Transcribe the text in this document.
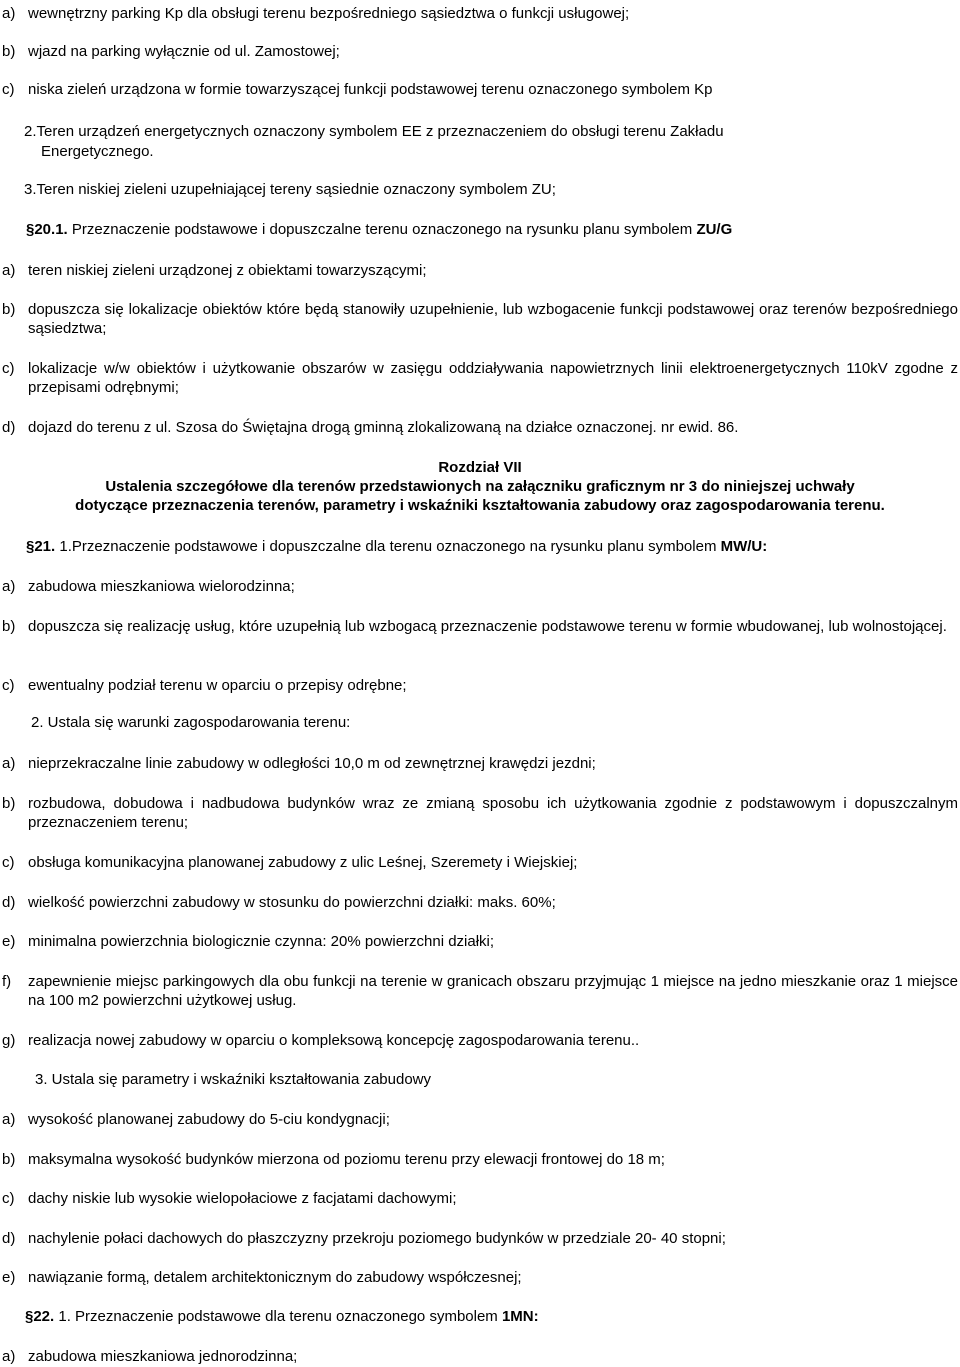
a) wewnętrzny parking Kp dla obsługi terenu bezpośredniego sąsiedztwa o funkcji usługowej;
b) wjazd na parking wyłącznie od ul. Zamostowej;
c) niska zieleń urządzona w formie towarzyszącej funkcji podstawowej terenu oznaczonego symbolem Kp
2.Teren urządzeń energetycznych oznaczony symbolem EE z przeznaczeniem do obsługi terenu Zakładu
Energetycznego.
3.Teren niskiej zieleni uzupełniającej tereny sąsiednie oznaczony symbolem ZU;
§20.1. Przeznaczenie podstawowe i dopuszczalne terenu oznaczonego na rysunku planu symbolem ZU/G
a) teren niskiej zieleni urządzonej z obiektami towarzyszącymi;
b) dopuszcza się lokalizacje obiektów które będą stanowiły uzupełnienie, lub wzbogacenie funkcji podstawowej oraz terenów bezpośredniego sąsiedztwa;
c) lokalizacje w/w obiektów i użytkowanie obszarów w zasięgu oddziaływania napowietrznych linii elektroenergetycznych 110kV zgodne z przepisami odrębnymi;
d) dojazd do terenu z ul. Szosa do Świętajna drogą gminną zlokalizowaną na działce oznaczonej. nr ewid. 86.
Rozdział VII
Ustalenia szczegółowe dla terenów przedstawionych na załączniku graficznym nr 3 do niniejszej uchwały
dotyczące przeznaczenia terenów, parametry i wskaźniki kształtowania zabudowy oraz zagospodarowania terenu.
§21. 1.Przeznaczenie podstawowe i dopuszczalne dla terenu oznaczonego na rysunku planu symbolem MW/U:
a) zabudowa mieszkaniowa wielorodzinna;
b) dopuszcza się realizację usług, które uzupełnią lub wzbogacą przeznaczenie podstawowe terenu w formie wbudowanej, lub wolnostojącej.
c) ewentualny podział terenu w oparciu o przepisy odrębne;
2. Ustala się warunki zagospodarowania terenu:
a) nieprzekraczalne linie zabudowy w odległości 10,0 m od zewnętrznej krawędzi jezdni;
b) rozbudowa, dobudowa i nadbudowa budynków wraz ze zmianą sposobu ich użytkowania zgodnie z podstawowym i dopuszczalnym przeznaczeniem terenu;
c) obsługa komunikacyjna planowanej zabudowy z ulic Leśnej, Szeremety i Wiejskiej;
d) wielkość powierzchni zabudowy w stosunku do powierzchni działki: maks. 60%;
e) minimalna powierzchnia biologicznie czynna: 20% powierzchni działki;
f)	zapewnienie miejsc parkingowych dla obu funkcji na terenie w granicach obszaru przyjmując 1 miejsce na jedno mieszkanie oraz 1 miejsce na 100 m2 powierzchni użytkowej usług.
g) realizacja nowej zabudowy w oparciu o kompleksową koncepcję zagospodarowania terenu..
3. Ustala się parametry i wskaźniki kształtowania zabudowy
a) wysokość planowanej zabudowy do 5-ciu kondygnacji;
b) maksymalna wysokość budynków mierzona od poziomu terenu przy elewacji frontowej do 18 m;
c) dachy niskie lub wysokie wielopołaciowe z facjatami dachowymi;
d) nachylenie połaci dachowych do płaszczyzny przekroju poziomego budynków w przedziale 20- 40 stopni;
e) nawiązanie formą, detalem architektonicznym do zabudowy współczesnej;
§22. 1. Przeznaczenie podstawowe dla terenu oznaczonego symbolem 1MN:
a) zabudowa mieszkaniowa jednorodzinna;
